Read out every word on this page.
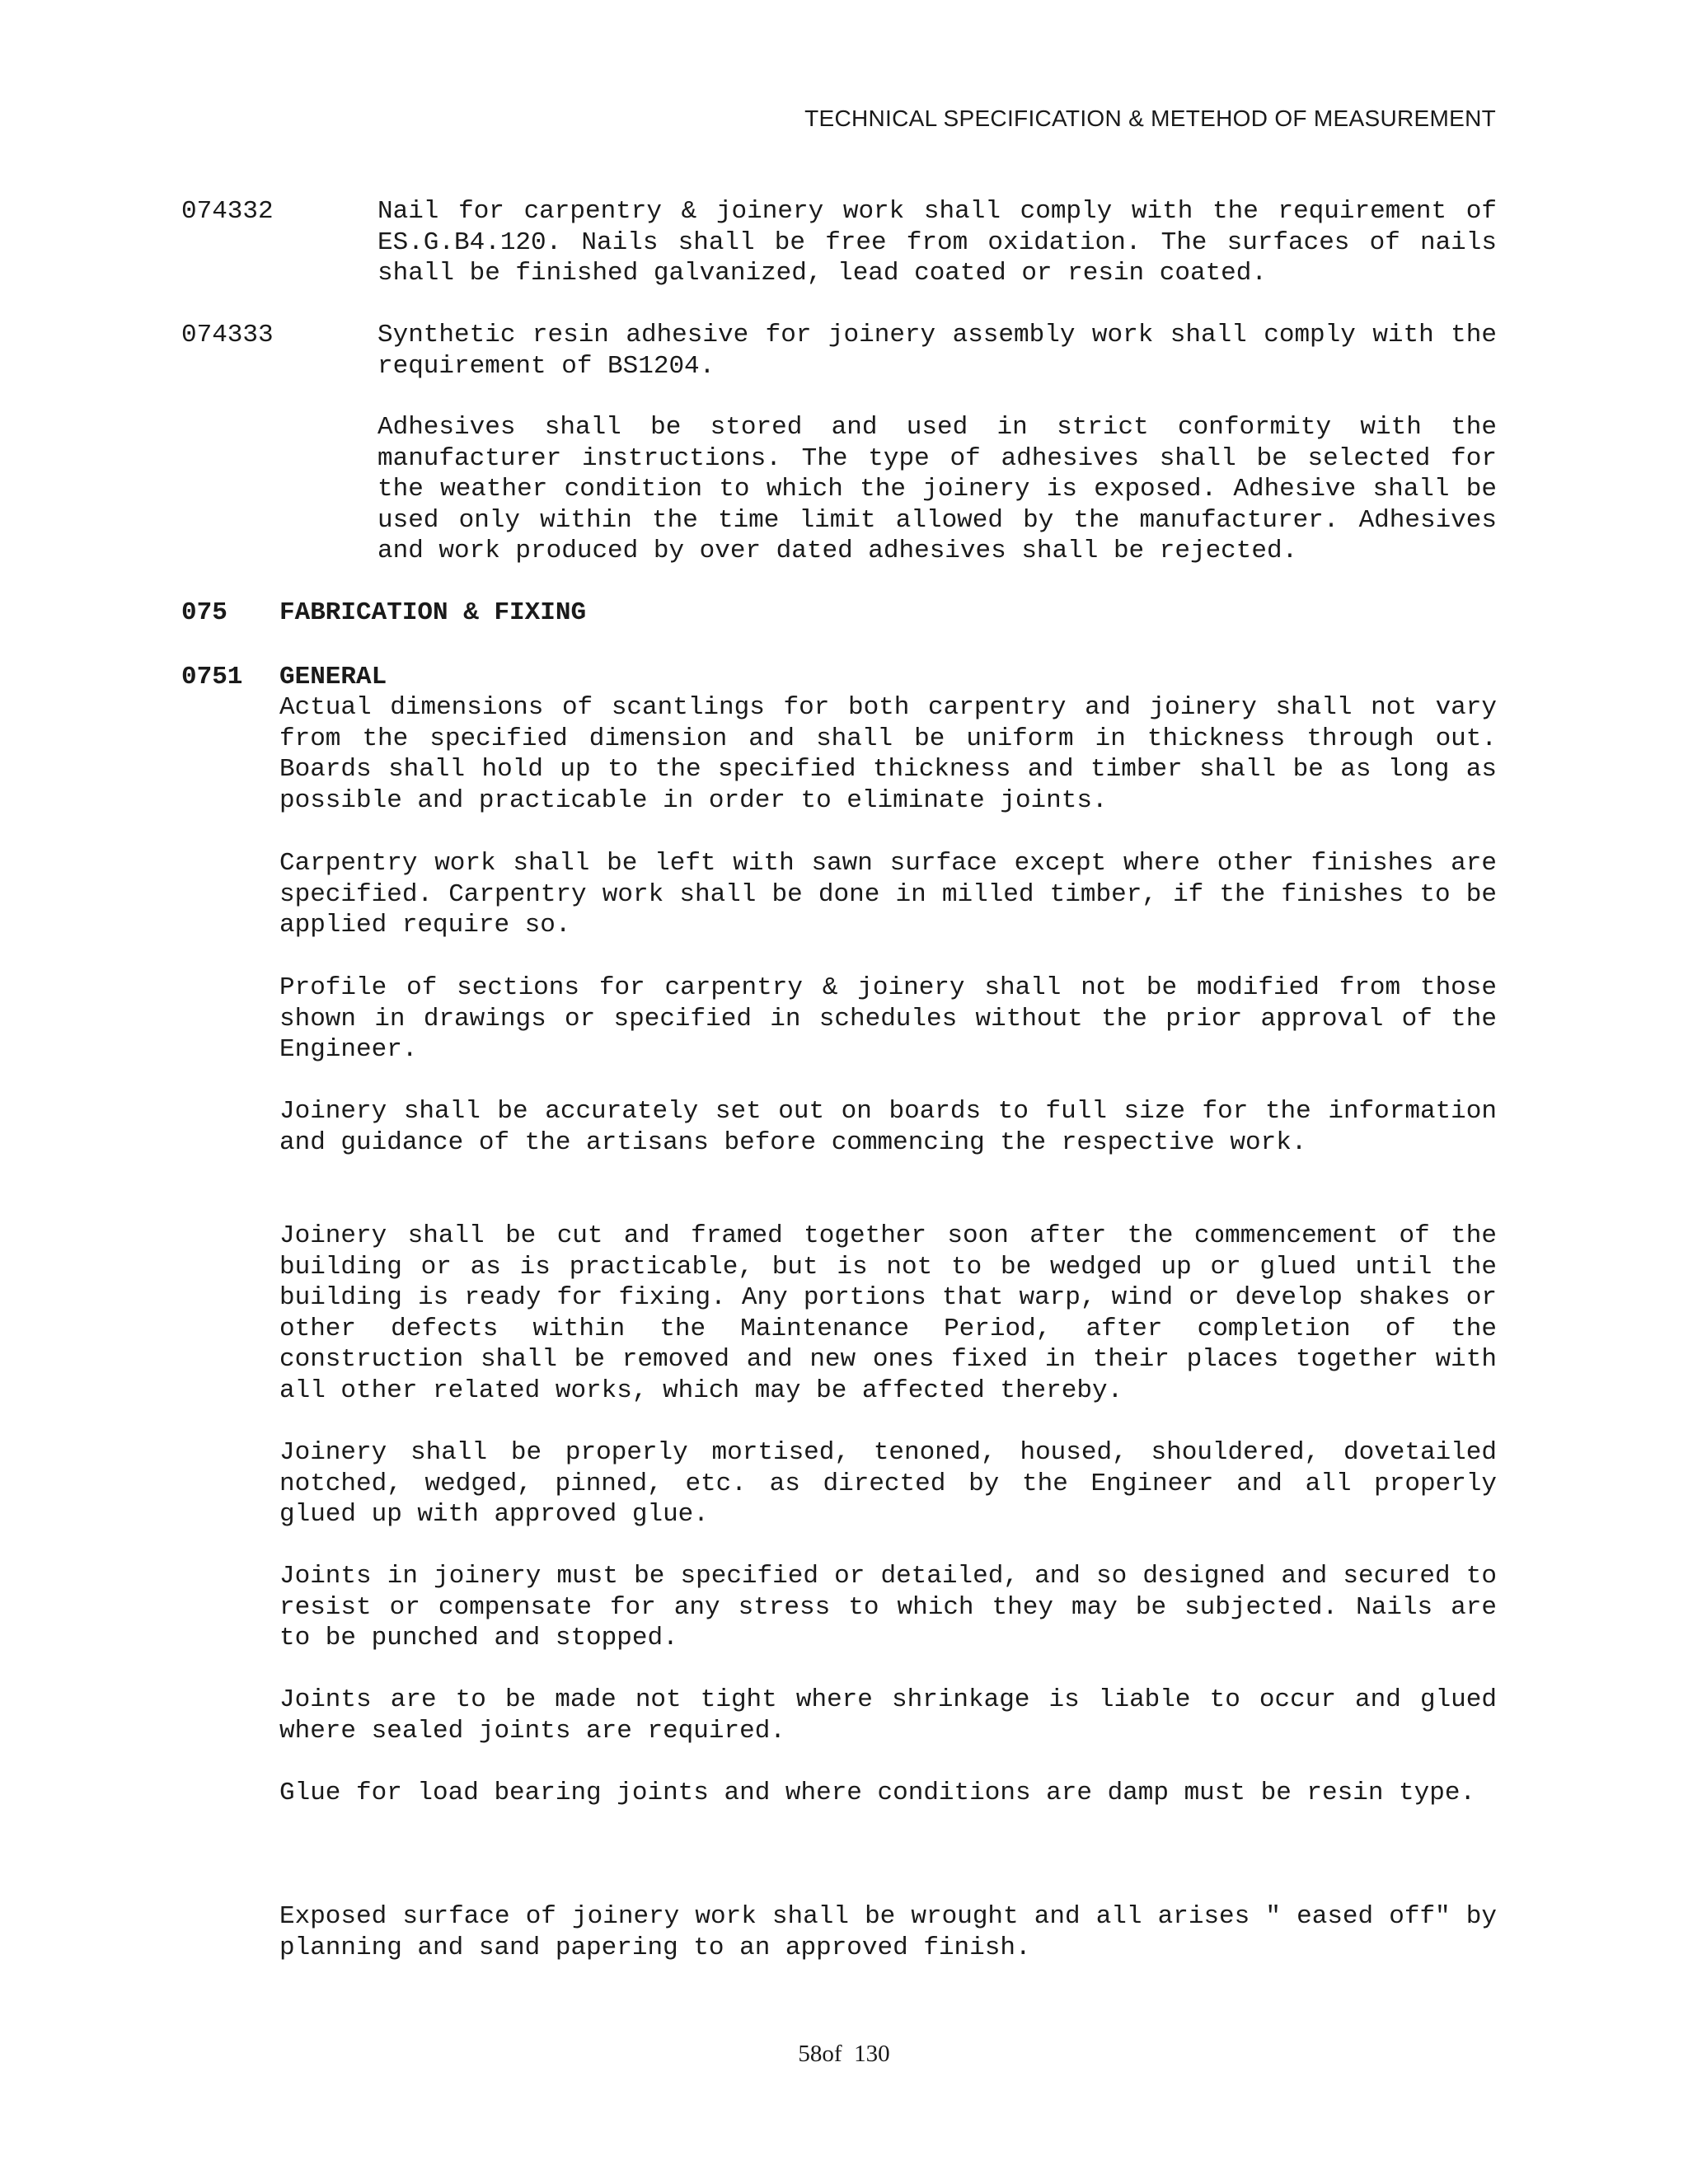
TECHNICAL SPECIFICATION & METEHOD OF MEASUREMENT
074332	Nail for carpentry & joinery work shall comply with the requirement of ES.G.B4.120. Nails shall be free from oxidation. The surfaces of nails shall be finished galvanized, lead coated or resin coated.
074333	Synthetic resin adhesive for joinery assembly work shall comply with the requirement of BS1204.
Adhesives shall be stored and used in strict conformity with the manufacturer instructions. The type of adhesives shall be selected for the weather condition to which the joinery is exposed. Adhesive shall be used only within the time limit allowed by the manufacturer. Adhesives and work produced by over dated adhesives shall be rejected.
075 FABRICATION & FIXING
0751 GENERAL
Actual dimensions of scantlings for both carpentry and joinery shall not vary from the specified dimension and shall be uniform in thickness through out. Boards shall hold up to the specified thickness and timber shall be as long as possible and practicable in order to eliminate joints.
Carpentry work shall be left with sawn surface except where other finishes are specified. Carpentry work shall be done in milled timber, if the finishes to be applied require so.
Profile of sections for carpentry & joinery shall not be modified from those shown in drawings or specified in schedules without the prior approval of the Engineer.
Joinery shall be accurately set out on boards to full size for the information and guidance of the artisans before commencing the respective work.
Joinery shall be cut and framed together soon after the commencement of the building or as is practicable, but is not to be wedged up or glued until the building is ready for fixing. Any portions that warp, wind or develop shakes or other defects within the Maintenance Period, after completion of the construction shall be removed and new ones fixed in their places together with all other related works, which may be affected thereby.
Joinery shall be properly mortised, tenoned, housed, shouldered, dovetailed notched, wedged, pinned, etc. as directed by the Engineer and all properly glued up with approved glue.
Joints in joinery must be specified or detailed, and so designed and secured to resist or compensate for any stress to which they may be subjected. Nails are to be punched and stopped.
Joints are to be made not tight where shrinkage is liable to occur and glued where sealed joints are required.
Glue for load bearing joints and where conditions are damp must be resin type.
Exposed surface of joinery work shall be wrought and all arises " eased off" by planning and sand papering to an approved finish.
58of 130
